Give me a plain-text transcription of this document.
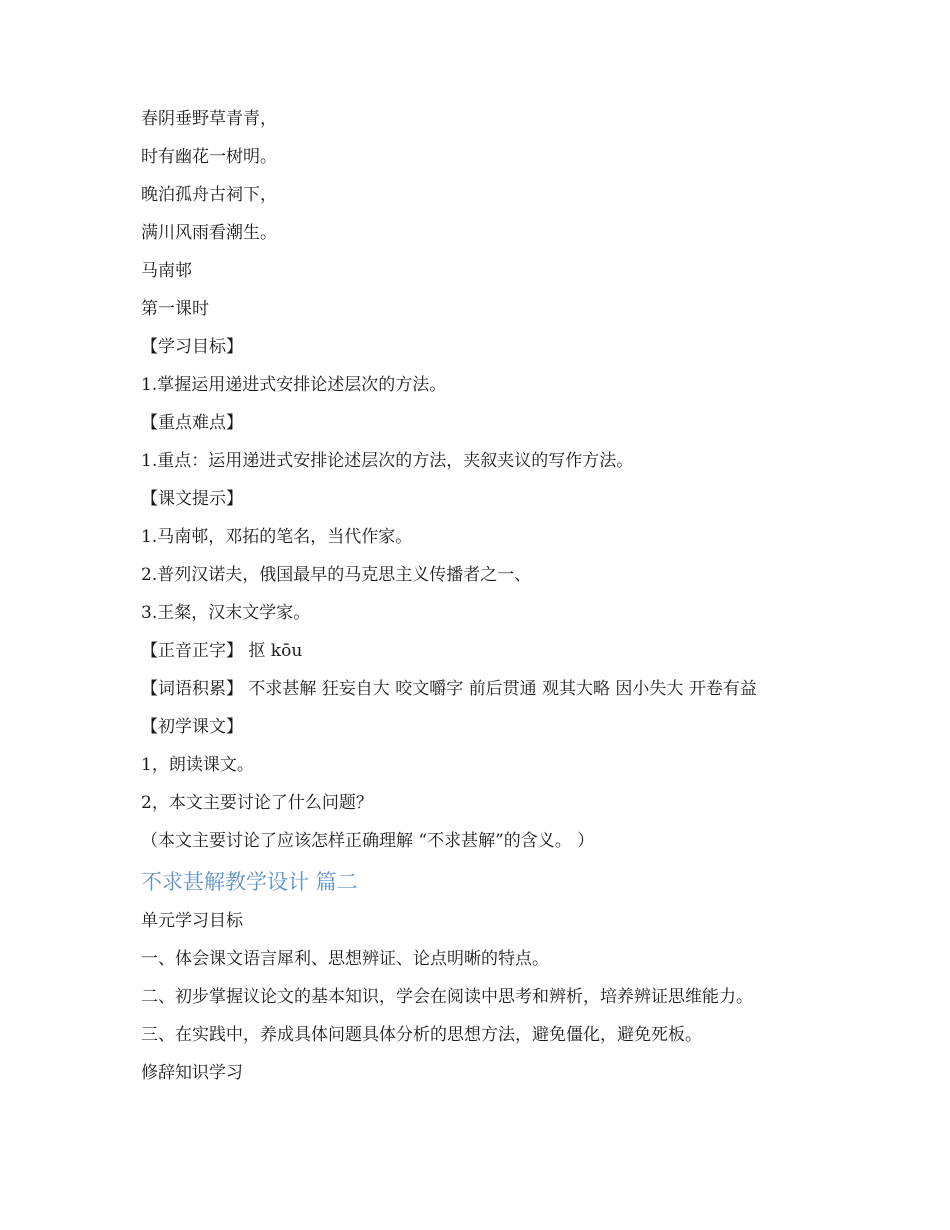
春阴垂野草青青，
时有幽花一树明。
晚泊孤舟古祠下，
满川风雨看潮生。
马南邨
第一课时
【学习目标】
1.掌握运用递进式安排论述层次的方法。
【重点难点】
1.重点：运用递进式安排论述层次的方法，夹叙夹议的写作方法。
【课文提示】
1.马南邨，邓拓的笔名，当代作家。
2.普列汉诺夫，俄国最早的马克思主义传播者之一、
3.王粲，汉末文学家。
【正音正字】 抠 kōu
【词语积累】 不求甚解 狂妄自大 咬文嚼字 前后贯通 观其大略 因小失大 开卷有益
【初学课文】
1，朗读课文。
2，本文主要讨论了什么问题？
（本文主要讨论了应该怎样正确理解 “不求甚解”的含义。 ）
不求甚解教学设计 篇二
单元学习目标
一、体会课文语言犀利、思想辨证、论点明晰的特点。
二、初步掌握议论文的基本知识，学会在阅读中思考和辨析，培养辨证思维能力。
三、在实践中，养成具体问题具体分析的思想方法，避免僵化，避免死板。
修辞知识学习
